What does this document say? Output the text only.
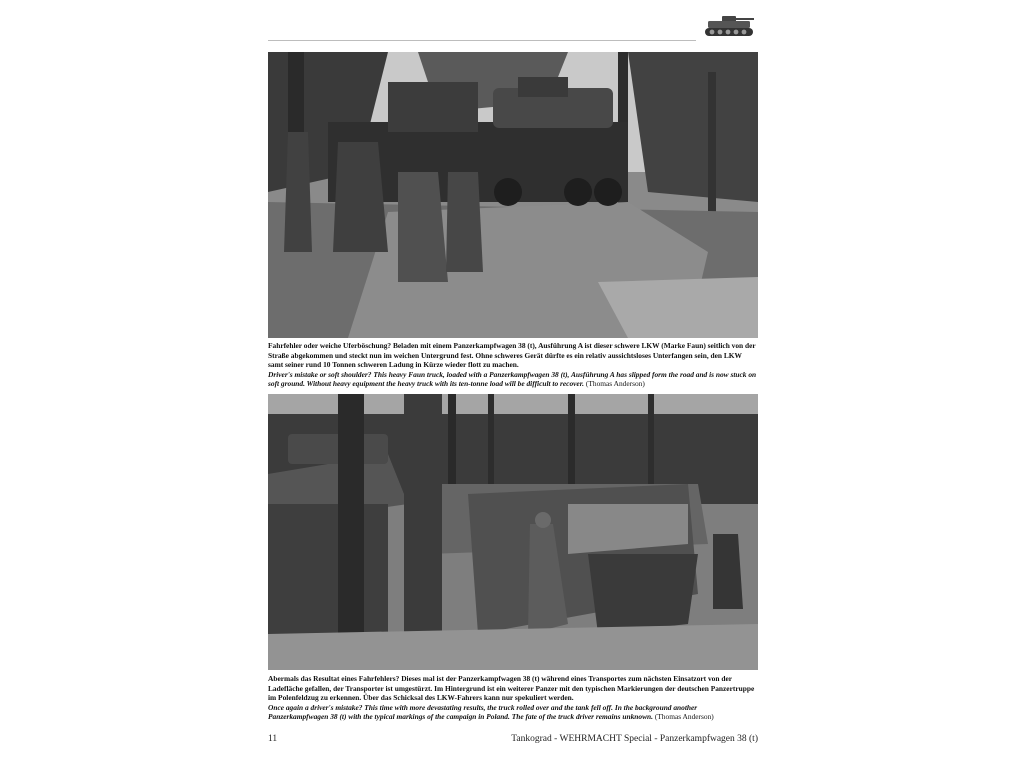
Fahrfehler oder weiche Uferböschung? Beladen mit einem Panzerkampfwagen 38 (t), Ausführung A ist dieser schwere LKW (Marke Faun) seitlich von der Straße abgekommen und steckt nun im weichen Untergrund fest. Ohne schweres Gerät dürfte es ein relativ aussichtsloses Unterfangen sein, den LKW samt seiner rund 10 Tonnen schweren Ladung in Kürze wieder flott zu machen.
Driver's mistake or soft shoulder? This heavy Faun truck, loaded with a Panzerkampfwagen 38 (t), Ausführung A has slipped form the road and is now stuck on soft ground. Without heavy equipment the heavy truck with its ten-tonne load will be difficult to recover. (Thomas Anderson)

Abermals das Resultat eines Fahrfehlers? Dieses mal ist der Panzerkampfwagen 38 (t) während eines Transportes zum nächsten Einsatzort von der Ladefläche gefallen, der Transporter ist umgestürzt. Im Hintergrund ist ein weiterer Panzer mit den typischen Markierungen der deutschen Panzertruppe im Polenfeldzug zu erkennen. Über das Schicksal des LKW-Fahrers kann nur spekuliert werden.
Once again a driver's mistake? This time with more devastating results, the truck rolled over and the tank fell off. In the background another Panzerkampfwagen 38 (t) with the typical markings of the campaign in Poland. The fate of the truck driver remains unknown. (Thomas Anderson)

11	Tankograd - WEHRMACHT Special - Panzerkampfwagen 38 (t)
